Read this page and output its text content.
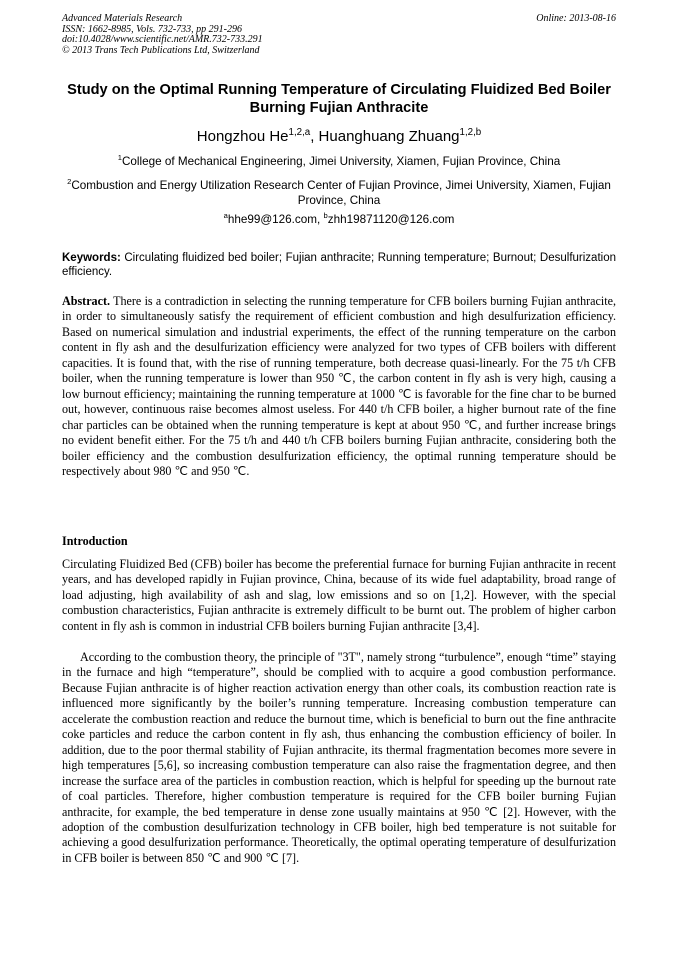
Advanced Materials Research
ISSN: 1662-8985, Vols. 732-733, pp 291-296
doi:10.4028/www.scientific.net/AMR.732-733.291
© 2013 Trans Tech Publications Ltd, Switzerland
Online: 2013-08-16
Study on the Optimal Running Temperature of Circulating Fluidized Bed Boiler Burning Fujian Anthracite
Hongzhou He$^{1,2,a}$, Huanghuang Zhuang$^{1,2,b}$
$^1$College of Mechanical Engineering, Jimei University, Xiamen, Fujian Province, China
$^2$Combustion and Energy Utilization Research Center of Fujian Province, Jimei University, Xiamen, Fujian Province, China
$^a$hhe99@126.com, $^b$zhh19871120@126.com
Keywords: Circulating fluidized bed boiler; Fujian anthracite; Running temperature; Burnout; Desulfurization efficiency.

Abstract. There is a contradiction in selecting the running temperature for CFB boilers burning Fujian anthracite, in order to simultaneously satisfy the requirement of efficient combustion and high desulfurization efficiency. Based on numerical simulation and industrial experiments, the effect of the running temperature on the carbon content in fly ash and the desulfurization efficiency were analyzed for two types of CFB boilers with different capacities. It is found that, with the rise of running temperature, both decrease quasi-linearly. For the 75 t/h CFB boiler, when the running temperature is lower than 950 ℃, the carbon content in fly ash is very high, causing a low burnout efficiency; maintaining the running temperature at 1000 ℃ is favorable for the fine char to be burned out, however, continuous raise becomes almost useless. For 440 t/h CFB boiler, a higher burnout rate of the fine char particles can be obtained when the running temperature is kept at about 950 ℃, and further increase brings no evident benefit either. For the 75 t/h and 440 t/h CFB boilers burning Fujian anthracite, considering both the boiler efficiency and the combustion desulfurization efficiency, the optimal running temperature should be respectively about 980 ℃ and 950 ℃.

Introduction

Circulating Fluidized Bed (CFB) boiler has become the preferential furnace for burning Fujian anthracite in recent years, and has developed rapidly in Fujian province, China, because of its wide fuel adaptability, broad range of load adjusting, high availability of ash and slag, low emissions and so on [1,2]. However, with the special combustion characteristics, Fujian anthracite is extremely difficult to be burnt out. The problem of higher carbon content in fly ash is common in industrial CFB boilers burning Fujian anthracite [3,4].

According to the combustion theory, the principle of "3T", namely strong “turbulence”, enough “time” staying in the furnace and high “temperature”, should be complied with to acquire a good combustion performance. Because Fujian anthracite is of higher reaction activation energy than other coals, its combustion reaction rate is influenced more significantly by the boiler’s running temperature. Increasing combustion temperature can accelerate the combustion reaction and reduce the burnout time, which is beneficial to burn out the fine anthracite coke particles and reduce the carbon content in fly ash, thus enhancing the combustion efficiency of boiler. In addition, due to the poor thermal stability of Fujian anthracite, its thermal fragmentation becomes more severe in high temperatures [5,6], so increasing combustion temperature can also raise the fragmentation degree, and then increase the surface area of the particles in combustion reaction, which is helpful for speeding up the burnout rate of coal particles. Therefore, higher combustion temperature is required for the CFB boiler burning Fujian anthracite, for example, the bed temperature in dense zone usually maintains at 950 ℃ [2]. However, with the adoption of the combustion desulfurization technology in CFB boiler, high bed temperature is not suitable for achieving a good desulfurization performance. Theoretically, the optimal operating temperature of desulfurization in CFB boiler is between 850 ℃ and 900 ℃ [7].
